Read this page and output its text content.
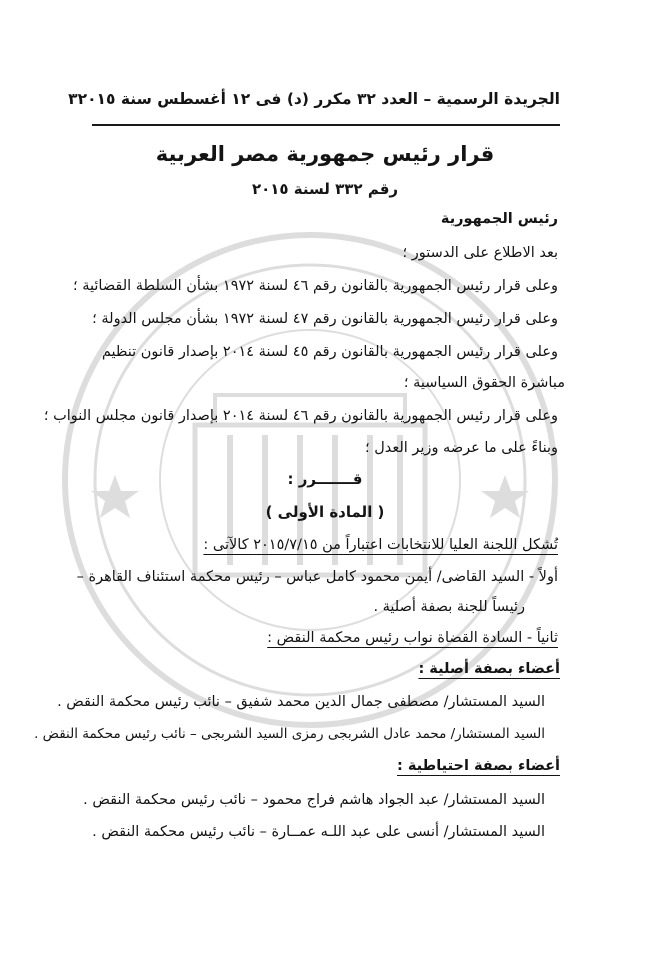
الجريدة الرسمية – العدد ٣٢ مكرر (د) فى ١٢ أغسطس سنة ٢٠١٥
٣
قرار رئيس جمهورية مصر العربية
رقم ٣٣٢ لسنة ٢٠١٥
رئيس الجمهورية
بعد الاطلاع على الدستور ؛
وعلى قرار رئيس الجمهورية بالقانون رقم ٤٦ لسنة ١٩٧٢ بشأن السلطة القضائية ؛
وعلى قرار رئيس الجمهورية بالقانون رقم ٤٧ لسنة ١٩٧٢ بشأن مجلس الدولة ؛
وعلى قرار رئيس الجمهورية بالقانون رقم ٤٥ لسنة ٢٠١٤ بإصدار قانون تنظيم
مباشرة الحقوق السياسية ؛
وعلى قرار رئيس الجمهورية بالقانون رقم ٤٦ لسنة ٢٠١٤ بإصدار قانون مجلس النواب ؛
وبناءً على ما عرضه وزير العدل ؛
قـــــــرر :
( المادة الأولى )
تُشكل اللجنة العليا للانتخابات اعتباراً من ٢٠١٥/٧/١٥ كالآتى :
أولاً - السيد القاضى/ أيمن محمود كامل عباس – رئيس محكمة استئناف القاهرة –
رئيساً للجنة بصفة أصلية .
ثانياً - السادة القضاة نواب رئيس محكمة النقض :
أعضاء بصفة أصلية :
السيد المستشار/ مصطفى جمال الدين محمد شفيق – نائب رئيس محكمة النقض .
السيد المستشار/ محمد عادل الشربجى رمزى السيد الشربجى – نائب رئيس محكمة النقض .
أعضاء بصفة احتياطية :
السيد المستشار/ عبد الجواد هاشم فراج محمود – نائب رئيس محكمة النقض .
السيد المستشار/ أنسى على عبد اللـه عمــارة – نائب رئيس محكمة النقض .
